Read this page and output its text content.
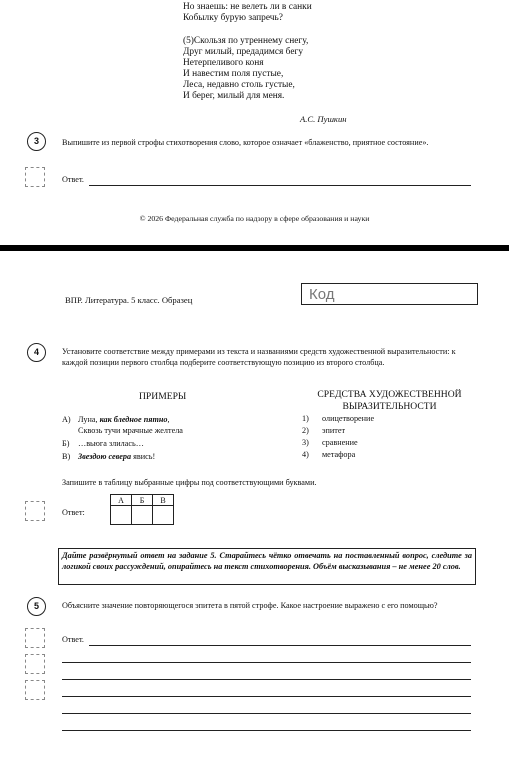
Но знаешь: не велеть ли в санки
Кобылку бурую запречь?
(5)Скользя по утреннему снегу,
Друг милый, предадимся бегу
Нетерпеливого коня
И навестим поля пустые,
Леса, недавно столь густые,
И берег, милый для меня.
А.С. Пушкин
3	Выпишите из первой строфы стихотворения слово, которое означает «блаженство, приятное состояние».
Ответ.
© 2026 Федеральная служба по надзору в сфере образования и науки
ВПР. Литература. 5 класс. Образец	Код
4	Установите соответствие между примерами из текста и названиями средств художественной выразительности: к каждой позиции первого столбца подберите соответствующую позицию из второго столбца.
ПРИМЕРЫ	СРЕДСТВА ХУДОЖЕСТВЕННОЙ ВЫРАЗИТЕЛЬНОСТИ
А) Луна, как бледное пятно,
Сквозь тучи мрачные желтела
Б) …вьюга злилась…
В) Звездою севера явись!
1) олицетворение
2) эпитет
3) сравнение
4) метафора
Запишите в таблицу выбранные цифры под соответствующими буквами.
Ответ:
А	Б	В

Дайте развёрнутый ответ на задание 5. Старайтесь чётко отвечать на поставленный вопрос, следите за логикой своих рассуждений, опирайтесь на текст стихотворения. Объём высказывания – не менее 20 слов.
5	Объясните значение повторяющегося эпитета в пятой строфе. Какое настроение выражено с его помощью?
Ответ.
